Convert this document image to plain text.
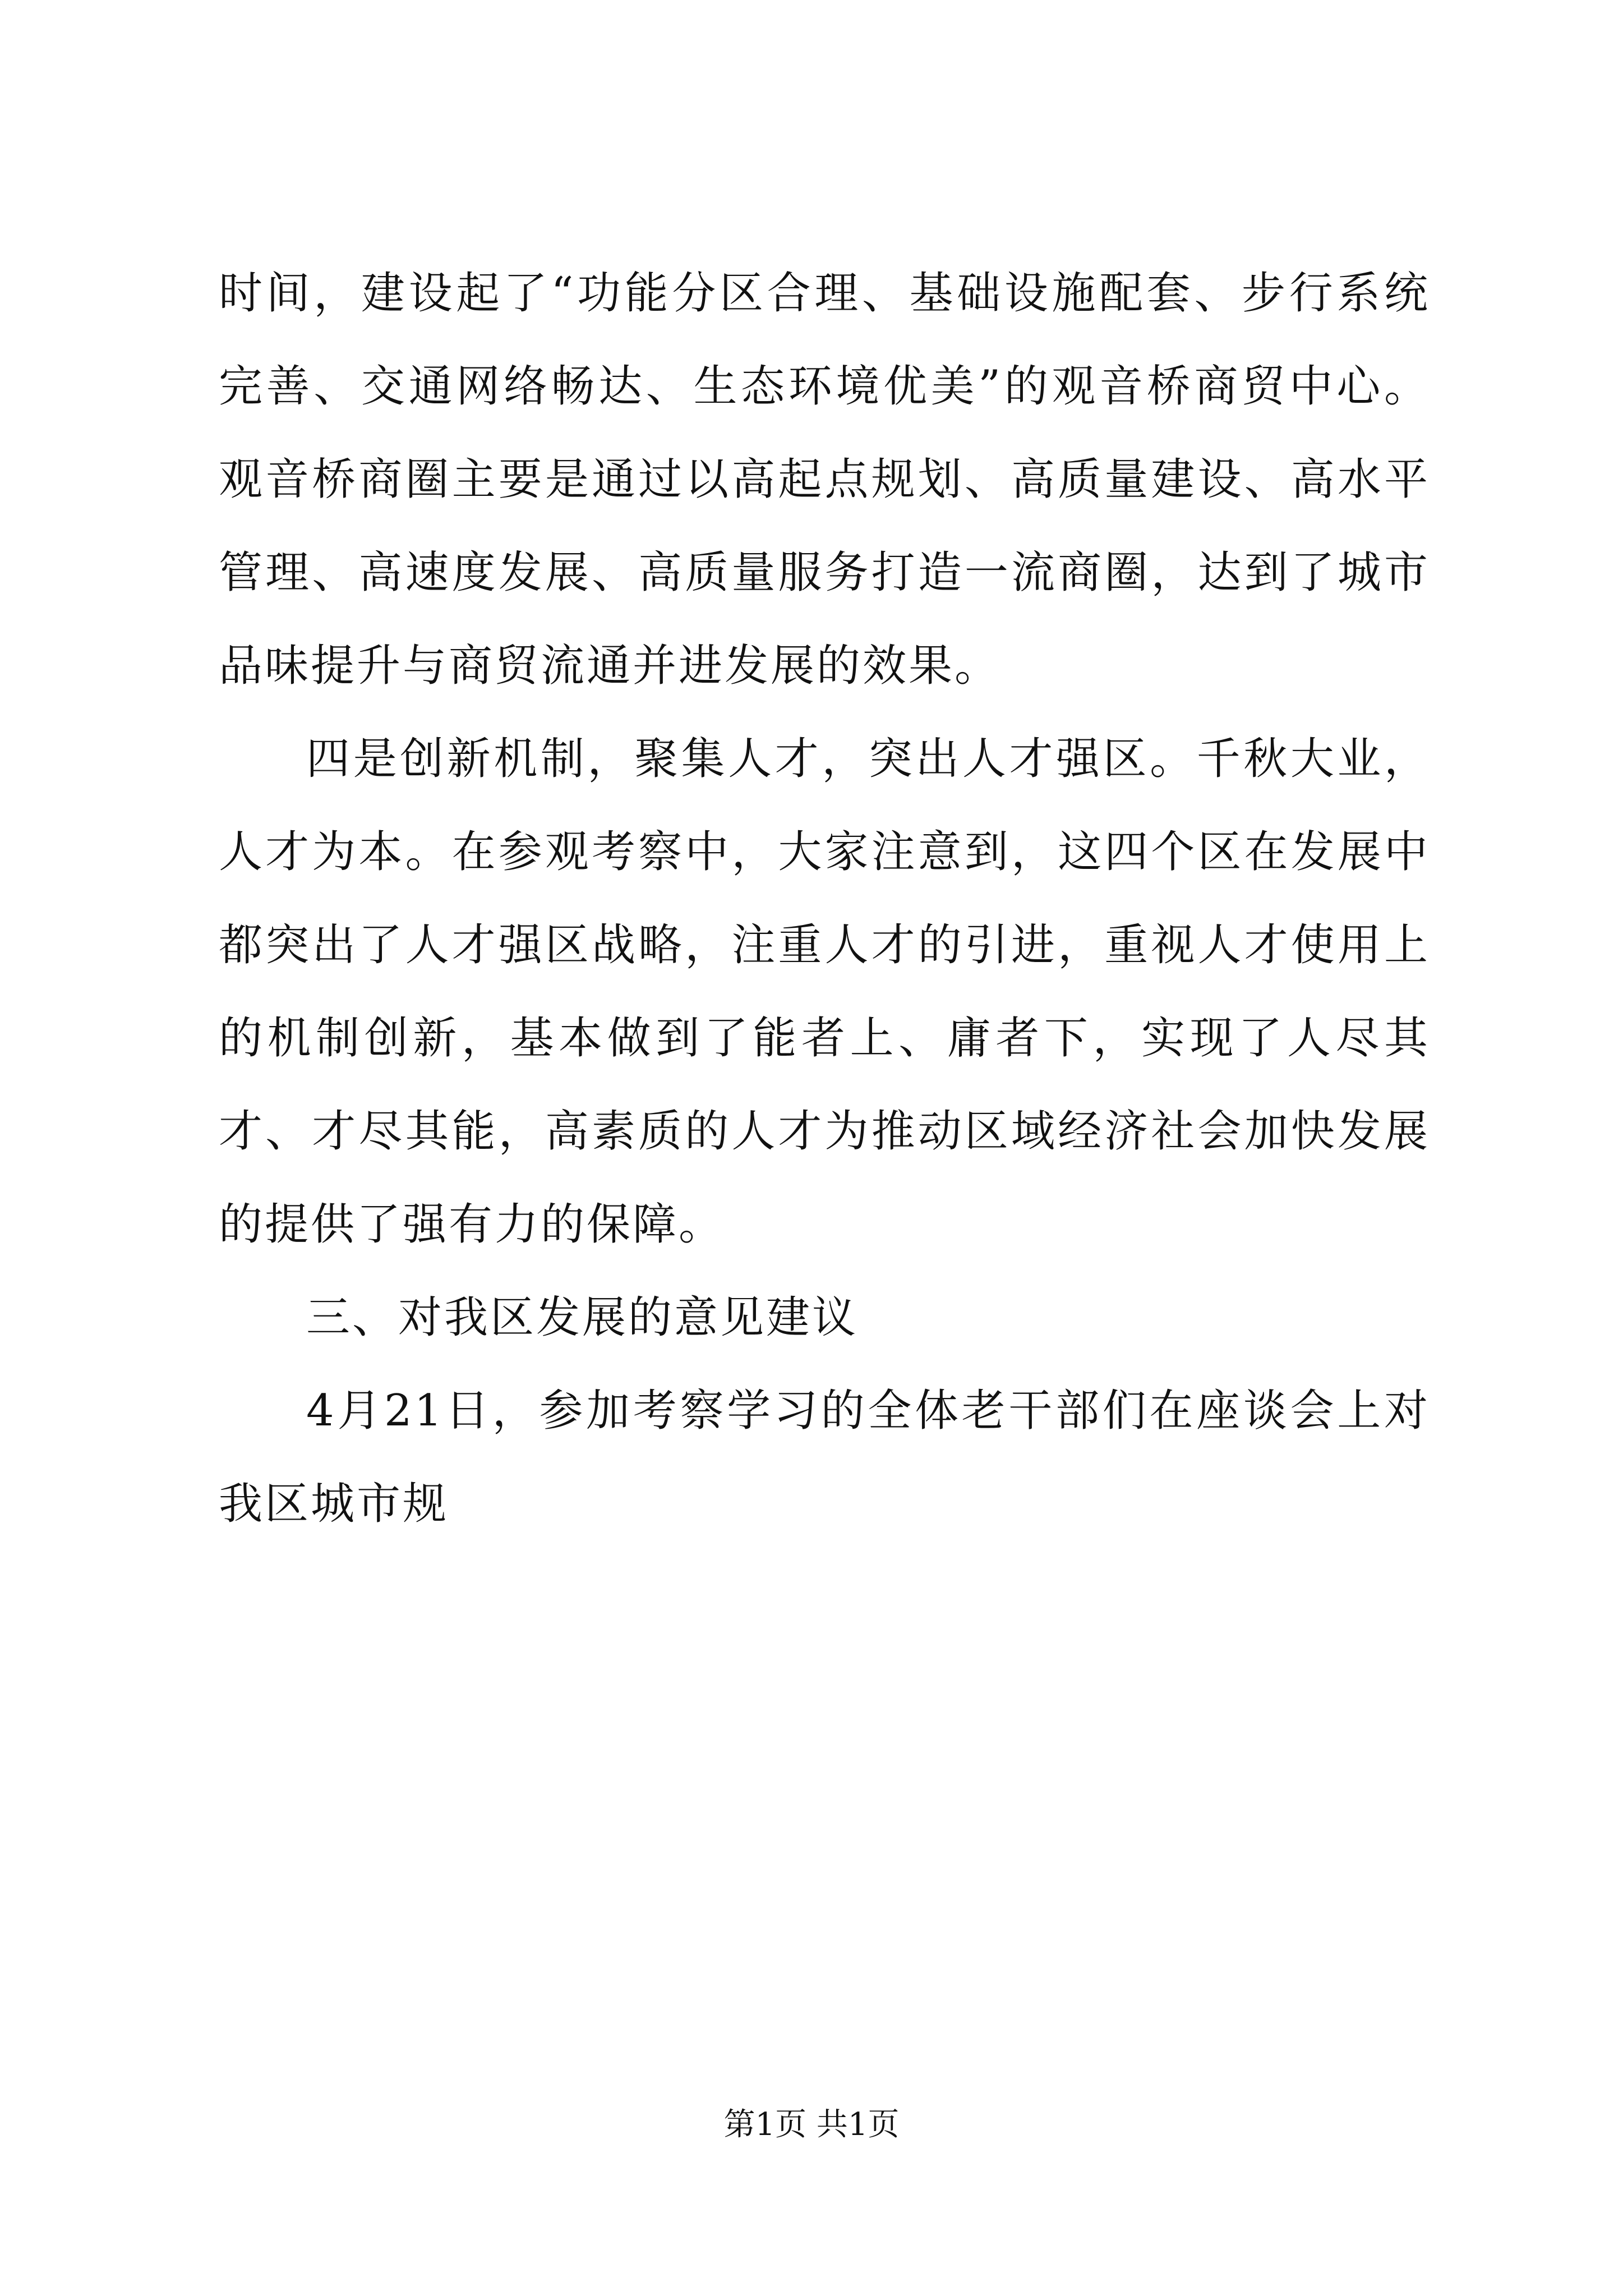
时间，建设起了“功能分区合理、基础设施配套、步行系统完善、交通网络畅达、生态环境优美”的观音桥商贸中心。观音桥商圈主要是通过以高起点规划、高质量建设、高水平管理、高速度发展、高质量服务打造一流商圈，达到了城市品味提升与商贸流通并进发展的效果。

四是创新机制，聚集人才，突出人才强区。千秋大业，人才为本。在参观考察中，大家注意到，这四个区在发展中都突出了人才强区战略，注重人才的引进，重视人才使用上的机制创新，基本做到了能者上、庸者下，实现了人尽其才、才尽其能，高素质的人才为推动区域经济社会加快发展的提供了强有力的保障。

三、对我区发展的意见建议

4月21日，参加考察学习的全体老干部们在座谈会上对我区城市规

第1页 共1页
